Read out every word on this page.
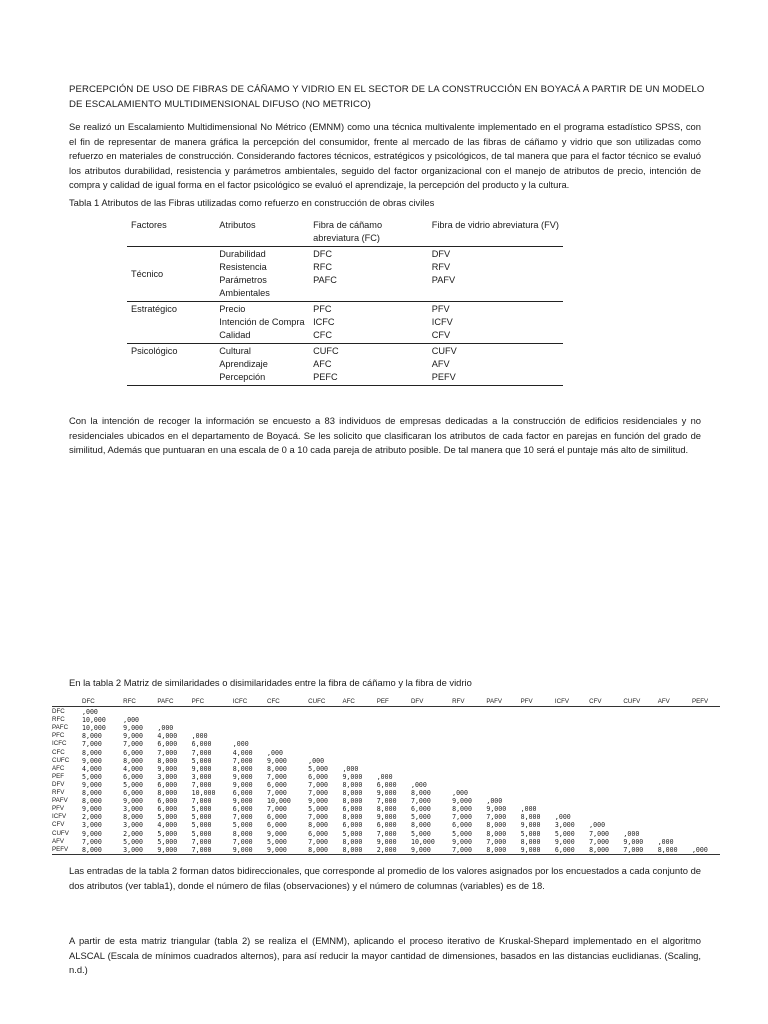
PERCEPCIÓN DE USO DE FIBRAS DE CÁÑAMO Y VIDRIO EN EL SECTOR DE LA CONSTRUCCIÓN EN BOYACÁ A PARTIR DE UN MODELO DE ESCALAMIENTO MULTIDIMENSIONAL DIFUSO (NO METRICO)

Se realizó un Escalamiento Multidimensional No Métrico (EMNM) como una técnica multivalente implementado en el programa estadístico SPSS, con el fin de representar de manera gráfica la percepción del consumidor, frente al mercado de las fibras de cáñamo y vidrio que son utilizadas como refuerzo en materiales de construcción. Considerando factores técnicos, estratégicos y psicológicos, de tal manera que para el factor técnico se evaluó los atributos durabilidad, resistencia y parámetros ambientales, seguido del factor organizacional con el manejo de atributos de precio, intención de compra y calidad de igual forma en el factor psicológico se evaluó el aprendizaje, la percepción del producto y la cultura.

Tabla 1 Atributos de las Fibras utilizadas como refuerzo en construcción de obras civiles
Factores	Atributos	Fibra de cáñamo abreviatura (FC)	Fibra de vidrio abreviatura (FV)
Técnico	Durabilidad	DFC	DFV
	Resistencia	RFC	RFV
	Parámetros Ambientales	PAFC	PAFV
Estratégico	Precio	PFC	PFV
	Intención de Compra	ICFC	ICFV
	Calidad	CFC	CFV
Psicológico	Cultural	CUFC	CUFV
	Aprendizaje	AFC	AFV
	Percepción	PEFC	PEFV

Con la intención de recoger la información se encuesto a 83 individuos de empresas dedicadas a la construcción de edificios residenciales y no residenciales ubicados en el departamento de Boyacá. Se les solicito que clasificaran los atributos de cada factor en parejas en función del grado de similitud, Además que puntuaran en una escala de 0 a 10 cada pareja de atributo posible. De tal manera que 10 será el puntaje más alto de similitud.

En la tabla 2 Matriz de similaridades o disimilaridades entre la fibra de cáñamo y la fibra de vidrio
	DFC	RFC	PAFC	PFC	ICFC	CFC	CUFC	AFC	PEF	DFV	RFV	PAFV	PFV	ICFV	CFV	CUFV	AFV	PEFV
DFC	,000																	
RFC	10,000	,000																
PAFC	10,000	9,000	,000															
PFC	8,000	9,000	4,000	,000														
ICFC	7,000	7,000	6,000	6,000	,000													
CFC	8,000	6,000	7,000	7,000	4,000	,000												
CUFC	9,000	8,000	8,000	5,000	7,000	9,000	,000											
AFC	4,000	4,000	9,000	9,000	8,000	8,000	5,000	,000										
PEF	5,000	6,000	3,000	3,000	9,000	7,000	6,000	9,000	,000									
DFV	9,000	5,000	6,000	7,000	9,000	6,000	7,000	8,000	6,000	,000								
RFV	8,000	6,000	8,000	10,000	6,000	7,000	7,000	8,000	9,000	8,000	,000							
PAFV	8,000	9,000	6,000	7,000	9,000	10,000	9,000	8,000	7,000	7,000	9,000	,000						
PFV	9,000	3,000	6,000	5,000	6,000	7,000	5,000	6,000	8,000	6,000	8,000	9,000	,000					
ICFV	2,000	8,000	5,000	5,000	7,000	6,000	7,000	8,000	9,000	5,000	7,000	7,000	8,000	,000				
CFV	3,000	3,000	4,000	5,000	5,000	6,000	8,000	6,000	6,000	8,000	6,000	8,000	9,000	3,000	,000			
CUFV	9,000	2,000	5,000	5,000	8,000	9,000	6,000	5,000	7,000	5,000	5,000	8,000	5,000	5,000	7,000	,000		
AFV	7,000	5,000	5,000	7,000	7,000	5,000	7,000	8,000	9,000	10,000	9,000	7,000	8,000	9,000	7,000	9,000	,000	
PEFV	8,000	3,000	9,000	7,000	9,000	9,000	8,000	8,000	2,000	9,000	7,000	8,000	9,000	6,000	8,000	7,000	8,000	,000

Las entradas de la tabla 2 forman datos bidireccionales, que corresponde al promedio de los valores asignados por los encuestados a cada conjunto de dos atributos (ver tabla1), donde el número de filas (observaciones) y el número de columnas (variables) es de 18.

A partir de esta matriz triangular (tabla 2) se realiza el (EMNM), aplicando el proceso iterativo de Kruskal-Shepard implementado en el algoritmo ALSCAL (Escala de mínimos cuadrados alternos), para así reducir la mayor cantidad de dimensiones, basados en las distancias euclidianas. (Scaling, n.d.)
